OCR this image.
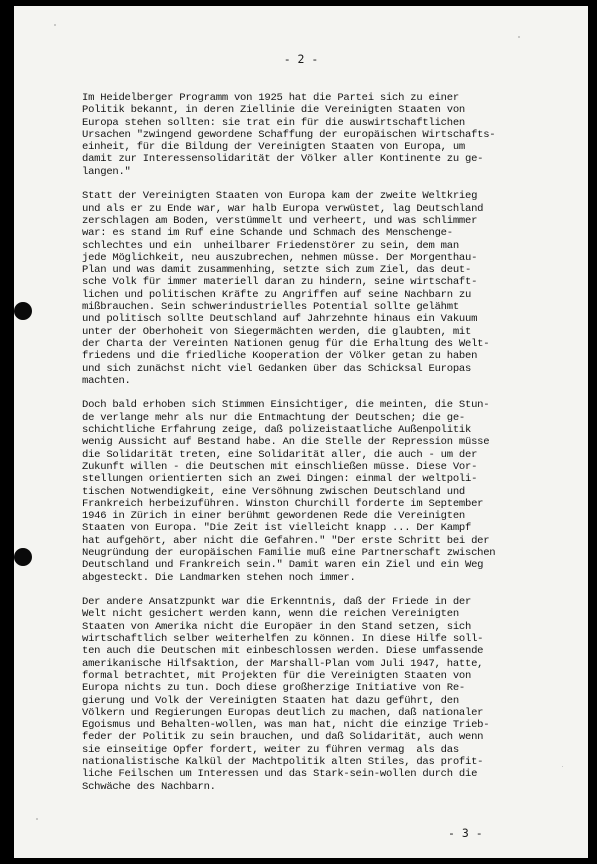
- 2 -
Im Heidelberger Programm von 1925 hat die Partei sich zu einer
Politik bekannt, in deren Ziellinie die Vereinigten Staaten von
Europa stehen sollten: sie trat ein für die auswirtschaftlichen
Ursachen "zwingend gewordene Schaffung der europäischen Wirtschafts-
einheit, für die Bildung der Vereinigten Staaten von Europa, um
damit zur Interessensolidarität der Völker aller Kontinente zu ge-
langen."
Statt der Vereinigten Staaten von Europa kam der zweite Weltkrieg
und als er zu Ende war, war halb Europa verwüstet, lag Deutschland
zerschlagen am Boden, verstümmelt und verheert, und was schlimmer
war: es stand im Ruf eine Schande und Schmach des Menschenge-
schlechtes und ein  unheilbarer Friedenstörer zu sein, dem man
jede Möglichkeit, neu auszubrechen, nehmen müsse. Der Morgenthau-
Plan und was damit zusammenhing, setzte sich zum Ziel, das deut-
sche Volk für immer materiell daran zu hindern, seine wirtschaft-
lichen und politischen Kräfte zu Angriffen auf seine Nachbarn zu
mißbrauchen. Sein schwerindustrielles Potential sollte gelähmt
und politisch sollte Deutschland auf Jahrzehnte hinaus ein Vakuum
unter der Oberhoheit von Siegermächten werden, die glaubten, mit
der Charta der Vereinten Nationen genug für die Erhaltung des Welt-
friedens und die friedliche Kooperation der Völker getan zu haben
und sich zunächst nicht viel Gedanken über das Schicksal Europas
machten.
Doch bald erhoben sich Stimmen Einsichtiger, die meinten, die Stun-
de verlange mehr als nur die Entmachtung der Deutschen; die ge-
schichtliche Erfahrung zeige, daß polizeistaatliche Außenpolitik
wenig Aussicht auf Bestand habe. An die Stelle der Repression müsse
die Solidarität treten, eine Solidarität aller, die auch - um der
Zukunft willen - die Deutschen mit einschließen müsse. Diese Vor-
stellungen orientierten sich an zwei Dingen: einmal der weltpoli-
tischen Notwendigkeit, eine Versöhnung zwischen Deutschland und
Frankreich herbeizuführen. Winston Churchill forderte im September
1946 in Zürich in einer berühmt gewordenen Rede die Vereinigten
Staaten von Europa. "Die Zeit ist vielleicht knapp ... Der Kampf
hat aufgehört, aber nicht die Gefahren." "Der erste Schritt bei der
Neugründung der europäischen Familie muß eine Partnerschaft zwischen
Deutschland und Frankreich sein." Damit waren ein Ziel und ein Weg
abgesteckt. Die Landmarken stehen noch immer.
Der andere Ansatzpunkt war die Erkenntnis, daß der Friede in der
Welt nicht gesichert werden kann, wenn die reichen Vereinigten
Staaten von Amerika nicht die Europäer in den Stand setzen, sich
wirtschaftlich selber weiterhelfen zu können. In diese Hilfe soll-
ten auch die Deutschen mit einbeschlossen werden. Diese umfassende
amerikanische Hilfsaktion, der Marshall-Plan vom Juli 1947, hatte,
formal betrachtet, mit Projekten für die Vereinigten Staaten von
Europa nichts zu tun. Doch diese großherzige Initiative von Re-
gierung und Volk der Vereinigten Staaten hat dazu geführt, den
Völkern und Regierungen Europas deutlich zu machen, daß nationaler
Egoismus und Behalten-wollen, was man hat, nicht die einzige Trieb-
feder der Politik zu sein brauchen, und daß Solidarität, auch wenn
sie einseitige Opfer fordert, weiter zu führen vermag  als das
nationalistische Kalkül der Machtpolitik alten Stiles, das profit-
liche Feilschen um Interessen und das Stark-sein-wollen durch die
Schwäche des Nachbarn.
- 3 -
